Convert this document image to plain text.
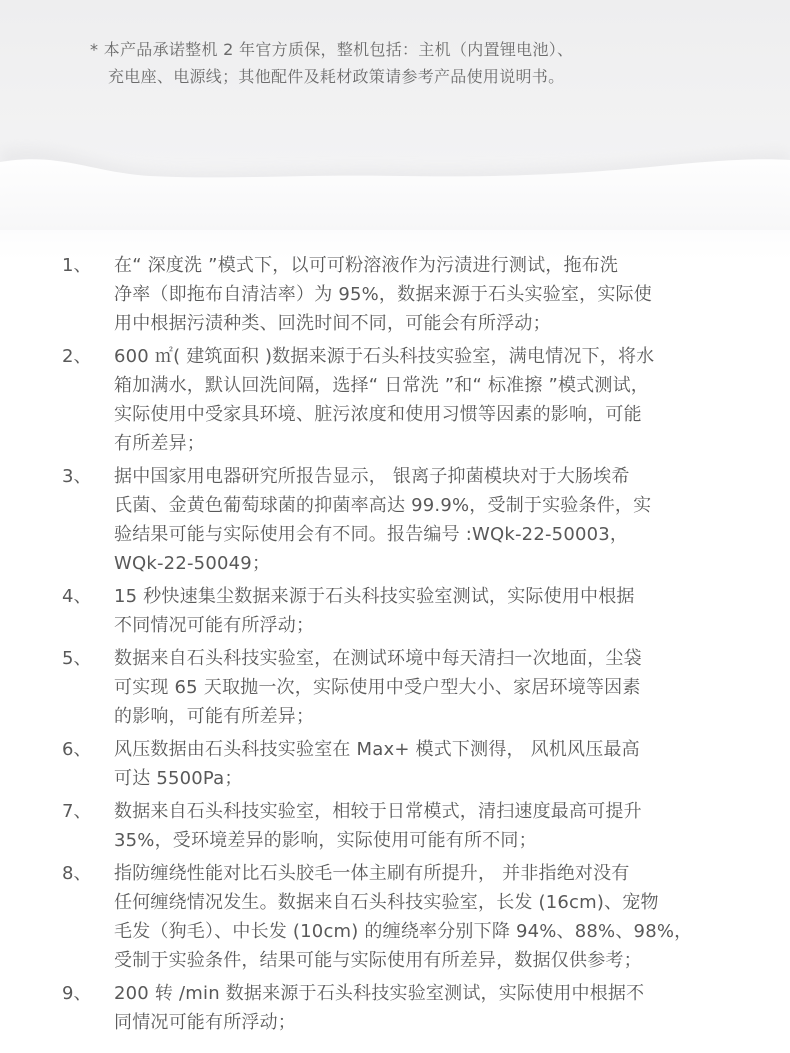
* 本产品承诺整机 2 年官方质保，整机包括：主机（内置锂电池）、
充电座、电源线；其他配件及耗材政策请参考产品使用说明书。
1、	在“ 深度洗 ”模式下，以可可粉溶液作为污渍进行测试，拖布洗
净率（即拖布自清洁率）为 95%，数据来源于石头实验室，实际使
用中根据污渍种类、回洗时间不同，可能会有所浮动；
2、	600 ㎡( 建筑面积 )数据来源于石头科技实验室，满电情况下，将水
箱加满水，默认回洗间隔，选择“ 日常洗 ”和“ 标准擦 ”模式测试，
实际使用中受家具环境、脏污浓度和使用习惯等因素的影响，可能
有所差异；
3、	据中国家用电器研究所报告显示， 银离子抑菌模块对于大肠埃希
氏菌、金黄色葡萄球菌的抑菌率高达 99.9%，受制于实验条件，实
验结果可能与实际使用会有不同。报告编号 :WQk-22-50003，
WQk-22-50049；
4、	15 秒快速集尘数据来源于石头科技实验室测试，实际使用中根据
不同情况可能有所浮动；
5、	数据来自石头科技实验室，在测试环境中每天清扫一次地面，尘袋
可实现 65 天取抛一次，实际使用中受户型大小、家居环境等因素
的影响，可能有所差异；
6、	风压数据由石头科技实验室在 Max+ 模式下测得， 风机风压最高
可达 5500Pa；
7、	数据来自石头科技实验室，相较于日常模式，清扫速度最高可提升
35%，受环境差异的影响，实际使用可能有所不同；
8、	指防缠绕性能对比石头胶毛一体主刷有所提升， 并非指绝对没有
任何缠绕情况发生。数据来自石头科技实验室，长发 (16cm)、宠物
毛发（狗毛）、中长发 (10cm) 的缠绕率分别下降 94%、88%、98%，
受制于实验条件，结果可能与实际使用有所差异，数据仅供参考；
9、	200 转 /min 数据来源于石头科技实验室测试，实际使用中根据不
同情况可能有所浮动；
